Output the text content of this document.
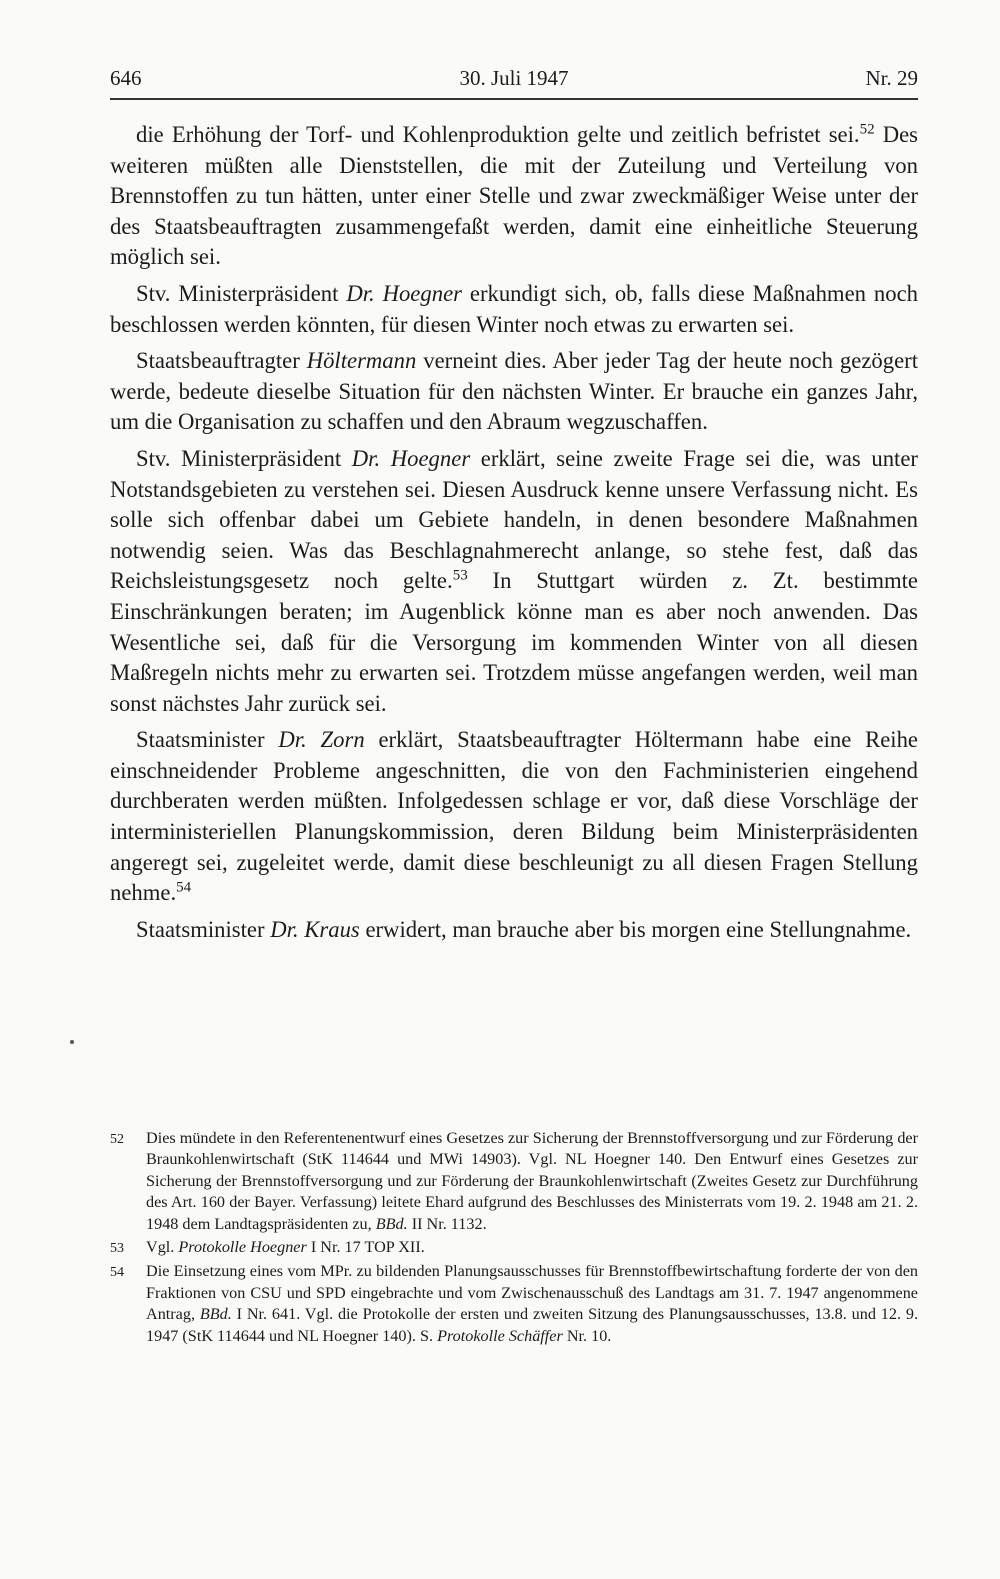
646	30. Juli 1947	Nr. 29

die Erhöhung der Torf- und Kohlenproduktion gelte und zeitlich befristet sei.$^{52}$ Des weiteren müßten alle Dienststellen, die mit der Zuteilung und Verteilung von Brennstoffen zu tun hätten, unter einer Stelle und zwar zweckmäßiger Weise unter der des Staatsbeauftragten zusammengefaßt werden, damit eine einheitliche Steuerung möglich sei.

Stv. Ministerpräsident Dr. Hoegner erkundigt sich, ob, falls diese Maßnahmen noch beschlossen werden könnten, für diesen Winter noch etwas zu erwarten sei.

Staatsbeauftragter Höltermann verneint dies. Aber jeder Tag der heute noch gezögert werde, bedeute dieselbe Situation für den nächsten Winter. Er brauche ein ganzes Jahr, um die Organisation zu schaffen und den Abraum wegzuschaffen.

Stv. Ministerpräsident Dr. Hoegner erklärt, seine zweite Frage sei die, was unter Notstandsgebieten zu verstehen sei. Diesen Ausdruck kenne unsere Verfassung nicht. Es solle sich offenbar dabei um Gebiete handeln, in denen besondere Maßnahmen notwendig seien. Was das Beschlagnahmerecht anlange, so stehe fest, daß das Reichsleistungsgesetz noch gelte.$^{53}$ In Stuttgart würden z. Zt. bestimmte Einschränkungen beraten; im Augenblick könne man es aber noch anwenden. Das Wesentliche sei, daß für die Versorgung im kommenden Winter von all diesen Maßregeln nichts mehr zu erwarten sei. Trotzdem müsse angefangen werden, weil man sonst nächstes Jahr zurück sei.

Staatsminister Dr. Zorn erklärt, Staatsbeauftragter Höltermann habe eine Reihe einschneidender Probleme angeschnitten, die von den Fachministerien eingehend durchberaten werden müßten. Infolgedessen schlage er vor, daß diese Vorschläge der interministeriellen Planungskommission, deren Bildung beim Ministerpräsidenten angeregt sei, zugeleitet werde, damit diese beschleunigt zu all diesen Fragen Stellung nehme.$^{54}$

Staatsminister Dr. Kraus erwidert, man brauche aber bis morgen eine Stellungnahme.

52	Dies mündete in den Referentenentwurf eines Gesetzes zur Sicherung der Brennstoffversorgung und zur Förderung der Braunkohlenwirtschaft (StK 114644 und MWi 14903). Vgl. NL Hoegner 140. Den Entwurf eines Gesetzes zur Sicherung der Brennstoffversorgung und zur Förderung der Braunkohlenwirtschaft (Zweites Gesetz zur Durchführung des Art. 160 der Bayer. Verfassung) leitete Ehard aufgrund des Beschlusses des Ministerrats vom 19. 2. 1948 am 21. 2. 1948 dem Landtagspräsidenten zu, BBd. II Nr. 1132.
53	Vgl. Protokolle Hoegner I Nr. 17 TOP XII.
54	Die Einsetzung eines vom MPr. zu bildenden Planungsausschusses für Brennstoffbewirtschaftung forderte der von den Fraktionen von CSU und SPD eingebrachte und vom Zwischenausschuß des Landtags am 31. 7. 1947 angenommene Antrag, BBd. I Nr. 641. Vgl. die Protokolle der ersten und zweiten Sitzung des Planungsausschusses, 13.8. und 12. 9. 1947 (StK 114644 und NL Hoegner 140). S. Protokolle Schäffer Nr. 10.
